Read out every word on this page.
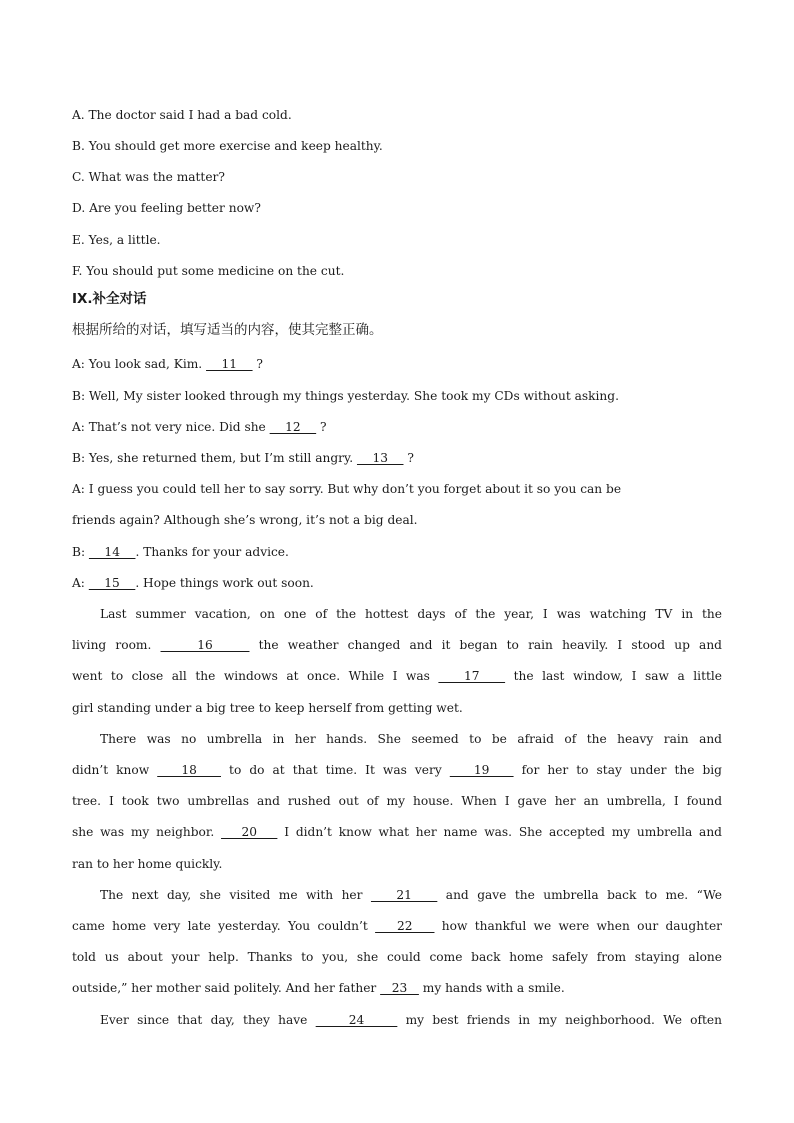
A. The doctor said I had a bad cold.
B. You should get more exercise and keep healthy.
C. What was the matter?
D. Are you feeling better now?
E. Yes, a little.
F. You should put some medicine on the cut.
IX.补全对话
根据所给的对话，填写适当的内容，使其完整正确。
A: You look sad, Kim.     11     ?
B: Well, My sister looked through my things yesterday. She took my CDs without asking.
A: That’s not very nice. Did she     12     ?
B: Yes, she returned them, but I’m still angry.     13     ?
A: I guess you could tell her to say sorry. But why don’t you forget about it so you can be
friends again? Although she’s wrong, it’s not a big deal.
B:     14    . Thanks for your advice.
A:     15    . Hope things work out soon.
Last summer vacation, on one of the hottest days of the year, I was watching TV in the
living room.     16     the weather changed and it began to rain heavily. I stood up and
went to close all the windows at once. While I was    17    the last window, I saw a little
girl standing under a big tree to keep herself from getting wet.
There was no umbrella in her hands. She seemed to be afraid of the heavy rain and
didn’t know    18    to do at that time. It was very    19    for her to stay under the big
tree. I took two umbrellas and rushed out of my house. When I gave her an umbrella, I found
she was my neighbor.    20    I didn’t know what her name was. She accepted my umbrella and
ran to her home quickly.
The next day, she visited me with her    21    and gave the umbrella back to me. “We
came home very late yesterday. You couldn’t    22    how thankful we were when our daughter
told us about your help. Thanks to you, she could come back home safely from staying alone
outside,” her mother said politely. And her father    23    my hands with a smile.
Ever since that day, they have     24     my best friends in my neighborhood. We often
